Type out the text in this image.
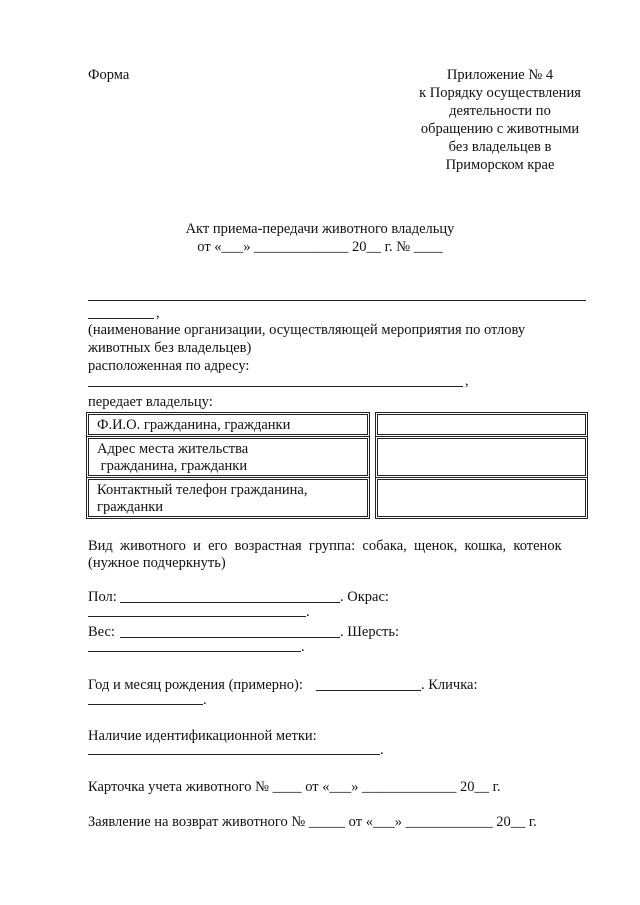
Форма	Приложение № 4
к Порядку осуществления
деятельности по
обращению с животными
без владельцев в
Приморском крае
Акт приема-передачи животного владельцу
от «___» _____________ 20__ г. № ____
,
(наименование организации, осуществляющей мероприятия по отлову
животных без владельцев)
расположенная по адресу:
,
передает владельцу:
Ф.И.О. гражданина, гражданки
Адрес места жительства
гражданина, гражданки
Контактный телефон гражданина,
гражданки
Вид  животного  и  его  возрастная  группа:  собака,  щенок,  кошка,  котенок
(нужное подчеркнуть)
Пол:	. Окрас:
.
Вес:	. Шерсть:
.
Год и месяц рождения (примерно):	. Кличка:
.
Наличие идентификационной метки:
.
Карточка учета животного № ____ от «___» _____________ 20__ г.
Заявление на возврат животного № _____ от «___» ____________ 20__ г.
